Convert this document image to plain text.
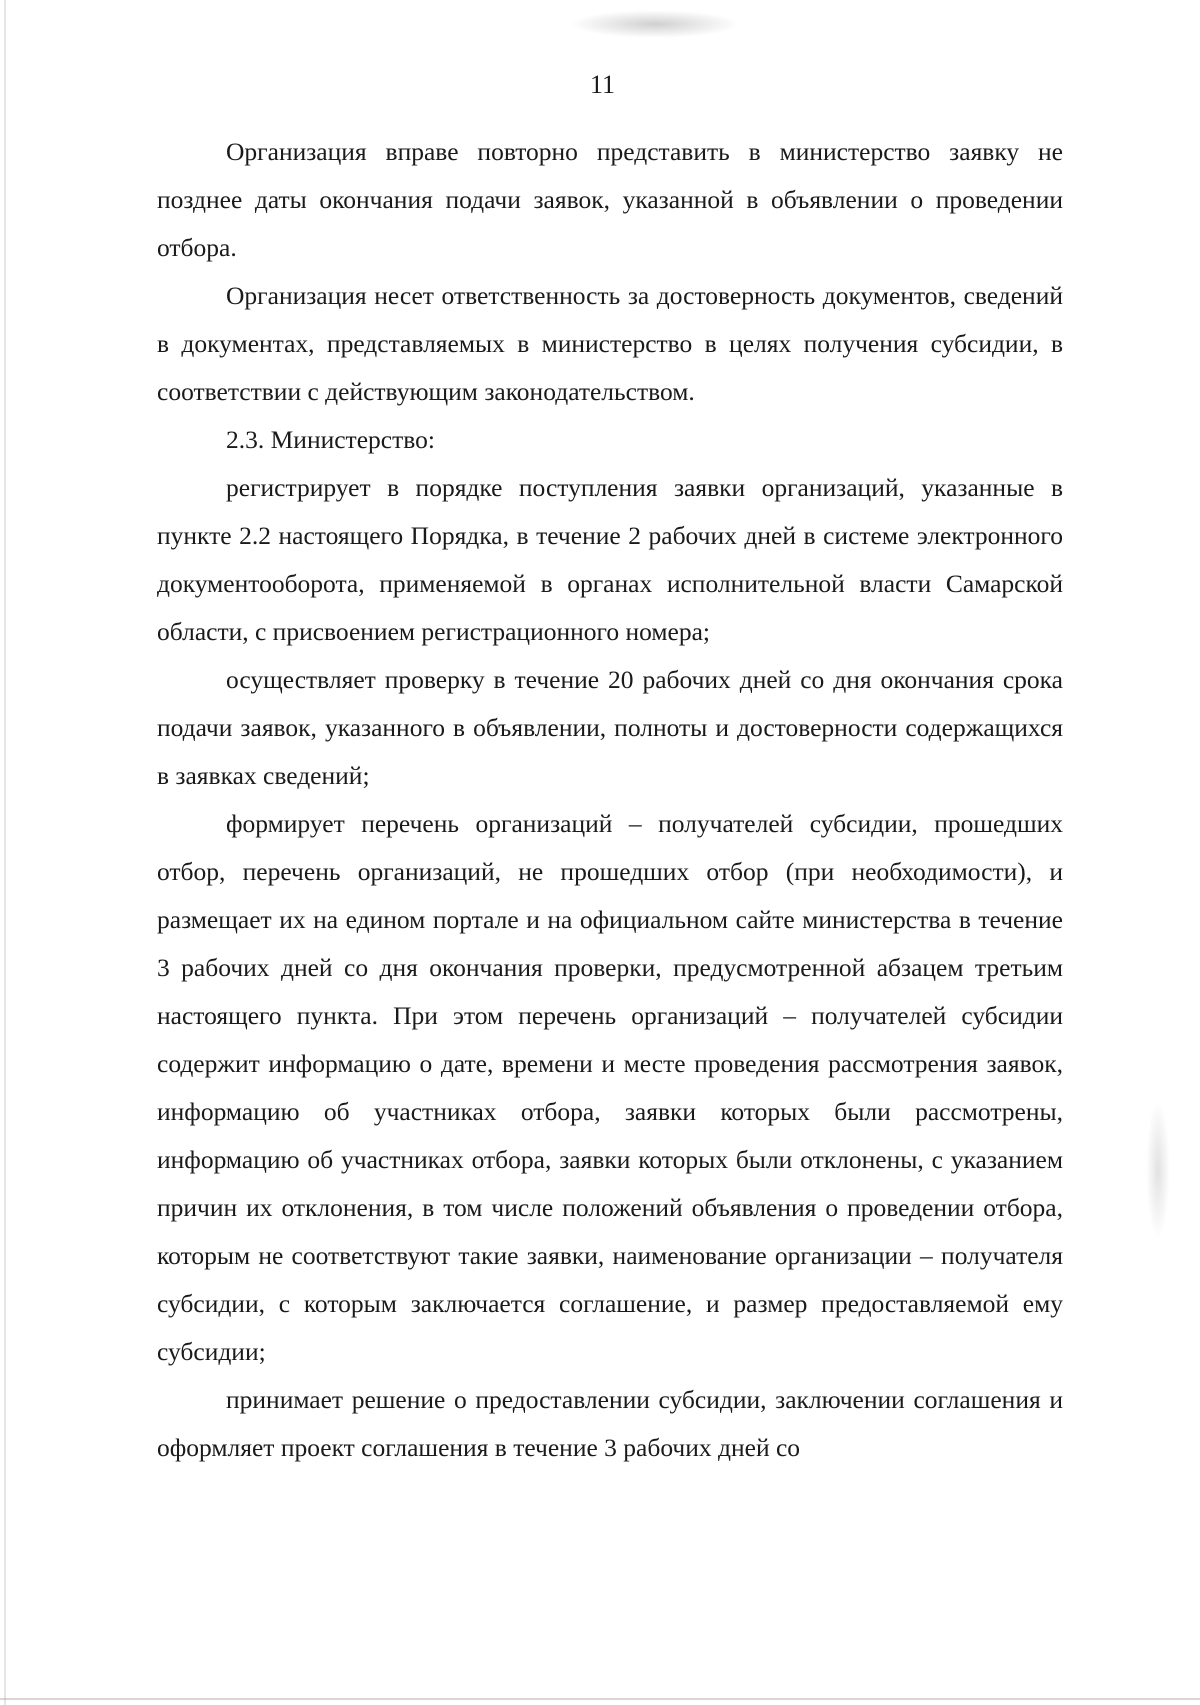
11

Организация вправе повторно представить в министерство заявку не позднее даты окончания подачи заявок, указанной в объявлении о проведении отбора.

Организация несет ответственность за достоверность документов, сведений в документах, представляемых в министерство в целях получения субсидии, в соответствии с действующим законодательством.

2.3. Министерство:

регистрирует в порядке поступления заявки организаций, указанные в пункте 2.2 настоящего Порядка, в течение 2 рабочих дней в системе электронного документооборота, применяемой в органах исполнительной власти Самарской области, с присвоением регистрационного номера;

осуществляет проверку в течение 20 рабочих дней со дня окончания срока подачи заявок, указанного в объявлении, полноты и достоверности содержащихся в заявках сведений;

формирует перечень организаций – получателей субсидии, прошедших отбор, перечень организаций, не прошедших отбор (при необходимости), и размещает их на едином портале и на официальном сайте министерства в течение 3 рабочих дней со дня окончания проверки, предусмотренной абзацем третьим настоящего пункта. При этом перечень организаций – получателей субсидии содержит информацию о дате, времени и месте проведения рассмотрения заявок, информацию об участниках отбора, заявки которых были рассмотрены, информацию об участниках отбора, заявки которых были отклонены, с указанием причин их отклонения, в том числе положений объявления о проведении отбора, которым не соответствуют такие заявки, наименование организации – получателя субсидии, с которым заключается соглашение, и размер предоставляемой ему субсидии;

принимает решение о предоставлении субсидии, заключении соглашения и оформляет проект соглашения в течение 3 рабочих дней со
